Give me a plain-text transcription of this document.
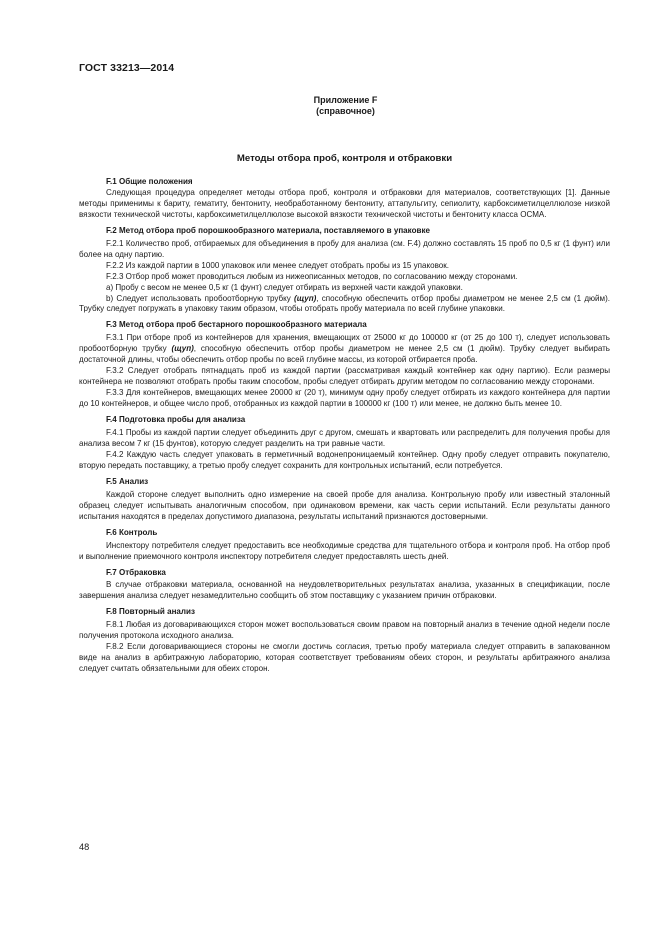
ГОСТ 33213—2014
Приложение F
(справочное)
Методы отбора проб, контроля и отбраковки

F.1 Общие положения

Следующая процедура определяет методы отбора проб, контроля и отбраковки для материалов, соответствующих [1]. Данные методы применимы к бариту, гематиту, бентониту, необработанному бентониту, аттапульгиту, сепиолиту, карбоксиметилцеллюлозе низкой вязкости технической чистоты, карбоксиметилцеллюлозе высокой вязкости технической чистоты и бентониту класса ОСМА.

F.2 Метод отбора проб порошкообразного материала, поставляемого в упаковке

F.2.1 Количество проб, отбираемых для объединения в пробу для анализа (см. F.4) должно составлять 15 проб по 0,5 кг (1 фунт) или более на одну партию.

F.2.2 Из каждой партии в 1000 упаковок или менее следует отобрать пробы из 15 упаковок.

F.2.3 Отбор проб может проводиться любым из нижеописанных методов, по согласованию между сторонами.

a) Пробу с весом не менее 0,5 кг (1 фунт) следует отбирать из верхней части каждой упаковки.

b) Следует использовать пробоотборную трубку (щуп), способную обеспечить отбор пробы диаметром не менее 2,5 см (1 дюйм). Трубку следует погружать в упаковку таким образом, чтобы отобрать пробу материала по всей глубине упаковки.

F.3 Метод отбора проб бестарного порошкообразного материала

F.3.1 При отборе проб из контейнеров для хранения, вмещающих от 25000 кг до 100000 кг (от 25 до 100 т), следует использовать пробоотборную трубку (щуп), способную обеспечить отбор пробы диаметром не менее 2,5 см (1 дюйм). Трубку следует выбирать достаточной длины, чтобы обеспечить отбор пробы по всей глубине массы, из которой отбирается проба.

F.3.2 Следует отобрать пятнадцать проб из каждой партии (рассматривая каждый контейнер как одну партию). Если размеры контейнера не позволяют отобрать пробы таким способом, пробы следует отбирать другим методом по согласованию между сторонами.

F.3.3 Для контейнеров, вмещающих менее 20000 кг (20 т), минимум одну пробу следует отбирать из каждого контейнера для партии до 10 контейнеров, и общее число проб, отобранных из каждой партии в 100000 кг (100 т) или менее, не должно быть менее 10.

F.4 Подготовка пробы для анализа

F.4.1 Пробы из каждой партии следует объединить друг с другом, смешать и квартовать или распределить для получения пробы для анализа весом 7 кг (15 фунтов), которую следует разделить на три равные части.

F.4.2 Каждую часть следует упаковать в герметичный водонепроницаемый контейнер. Одну пробу следует отправить покупателю, вторую передать поставщику, а третью пробу следует сохранить для контрольных испытаний, если потребуется.

F.5 Анализ

Каждой стороне следует выполнить одно измерение на своей пробе для анализа. Контрольную пробу или известный эталонный образец следует испытывать аналогичным способом, при одинаковом времени, как часть серии испытаний. Если результаты данного испытания находятся в пределах допустимого диапазона, результаты испытаний признаются достоверными.

F.6 Контроль

Инспектору потребителя следует предоставить все необходимые средства для тщательного отбора и контроля проб. На отбор проб и выполнение приемочного контроля инспектору потребителя следует предоставлять шесть дней.

F.7 Отбраковка

В случае отбраковки материала, основанной на неудовлетворительных результатах анализа, указанных в спецификации, после завершения анализа следует незамедлительно сообщить об этом поставщику с указанием причин отбраковки.

F.8 Повторный анализ

F.8.1 Любая из договаривающихся сторон может воспользоваться своим правом на повторный анализ в течение одной недели после получения протокола исходного анализа.

F.8.2 Если договаривающиеся стороны не смогли достичь согласия, третью пробу материала следует отправить в запакованном виде на анализ в арбитражную лабораторию, которая соответствует требованиям обеих сторон, и результаты арбитражного анализа следует считать обязательными для обеих сторон.

48
